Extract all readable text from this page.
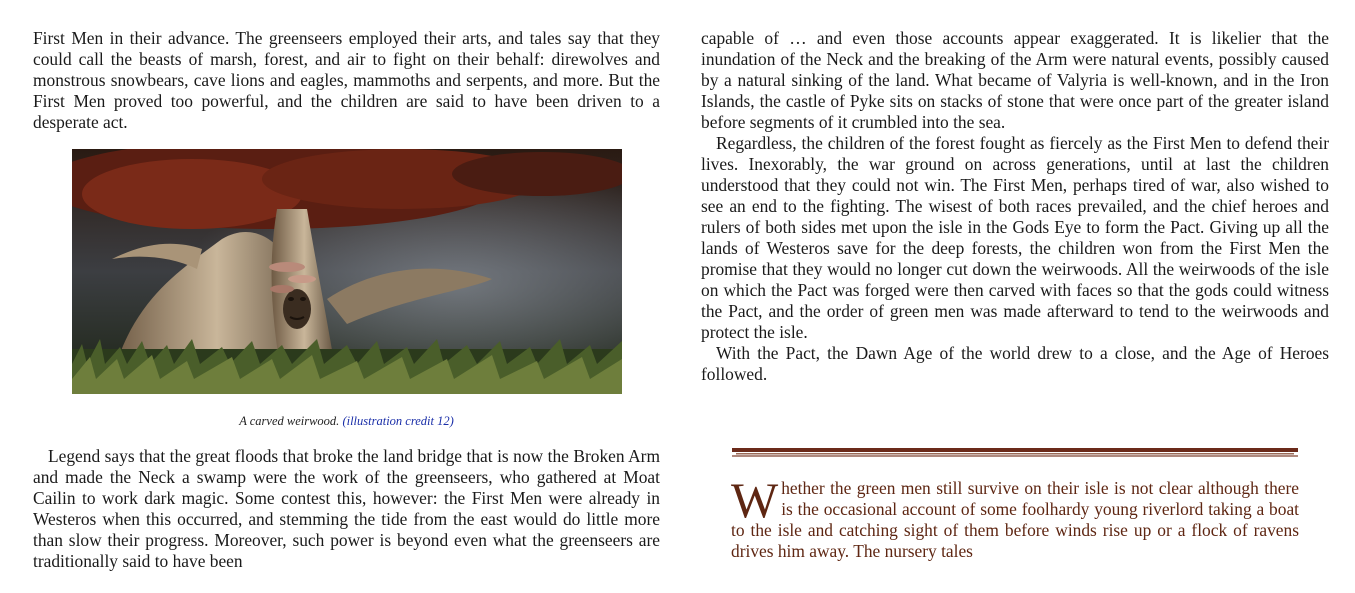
First Men in their advance. The greenseers employed their arts, and tales say that they could call the beasts of marsh, forest, and air to fight on their behalf: direwolves and monstrous snowbears, cave lions and eagles, mammoths and serpents, and more. But the First Men proved too powerful, and the children are said to have been driven to a desperate act.

A carved weirwood. (illustration credit 12)

Legend says that the great floods that broke the land bridge that is now the Broken Arm and made the Neck a swamp were the work of the greenseers, who gathered at Moat Cailin to work dark magic. Some contest this, however: the First Men were already in Westeros when this occurred, and stemming the tide from the east would do little more than slow their progress. Moreover, such power is beyond even what the greenseers are traditionally said to have been

capable of … and even those accounts appear exaggerated. It is likelier that the inundation of the Neck and the breaking of the Arm were natural events, possibly caused by a natural sinking of the land. What became of Valyria is well-known, and in the Iron Islands, the castle of Pyke sits on stacks of stone that were once part of the greater island before segments of it crumbled into the sea.

Regardless, the children of the forest fought as fiercely as the First Men to defend their lives. Inexorably, the war ground on across generations, until at last the children understood that they could not win. The First Men, perhaps tired of war, also wished to see an end to the fighting. The wisest of both races prevailed, and the chief heroes and rulers of both sides met upon the isle in the Gods Eye to form the Pact. Giving up all the lands of Westeros save for the deep forests, the children won from the First Men the promise that they would no longer cut down the weirwoods. All the weirwoods of the isle on which the Pact was forged were then carved with faces so that the gods could witness the Pact, and the order of green men was made afterward to tend to the weirwoods and protect the isle.

With the Pact, the Dawn Age of the world drew to a close, and the Age of Heroes followed.

Whether the green men still survive on their isle is not clear although there is the occasional account of some foolhardy young riverlord taking a boat to the isle and catching sight of them before winds rise up or a flock of ravens drives him away. The nursery tales
